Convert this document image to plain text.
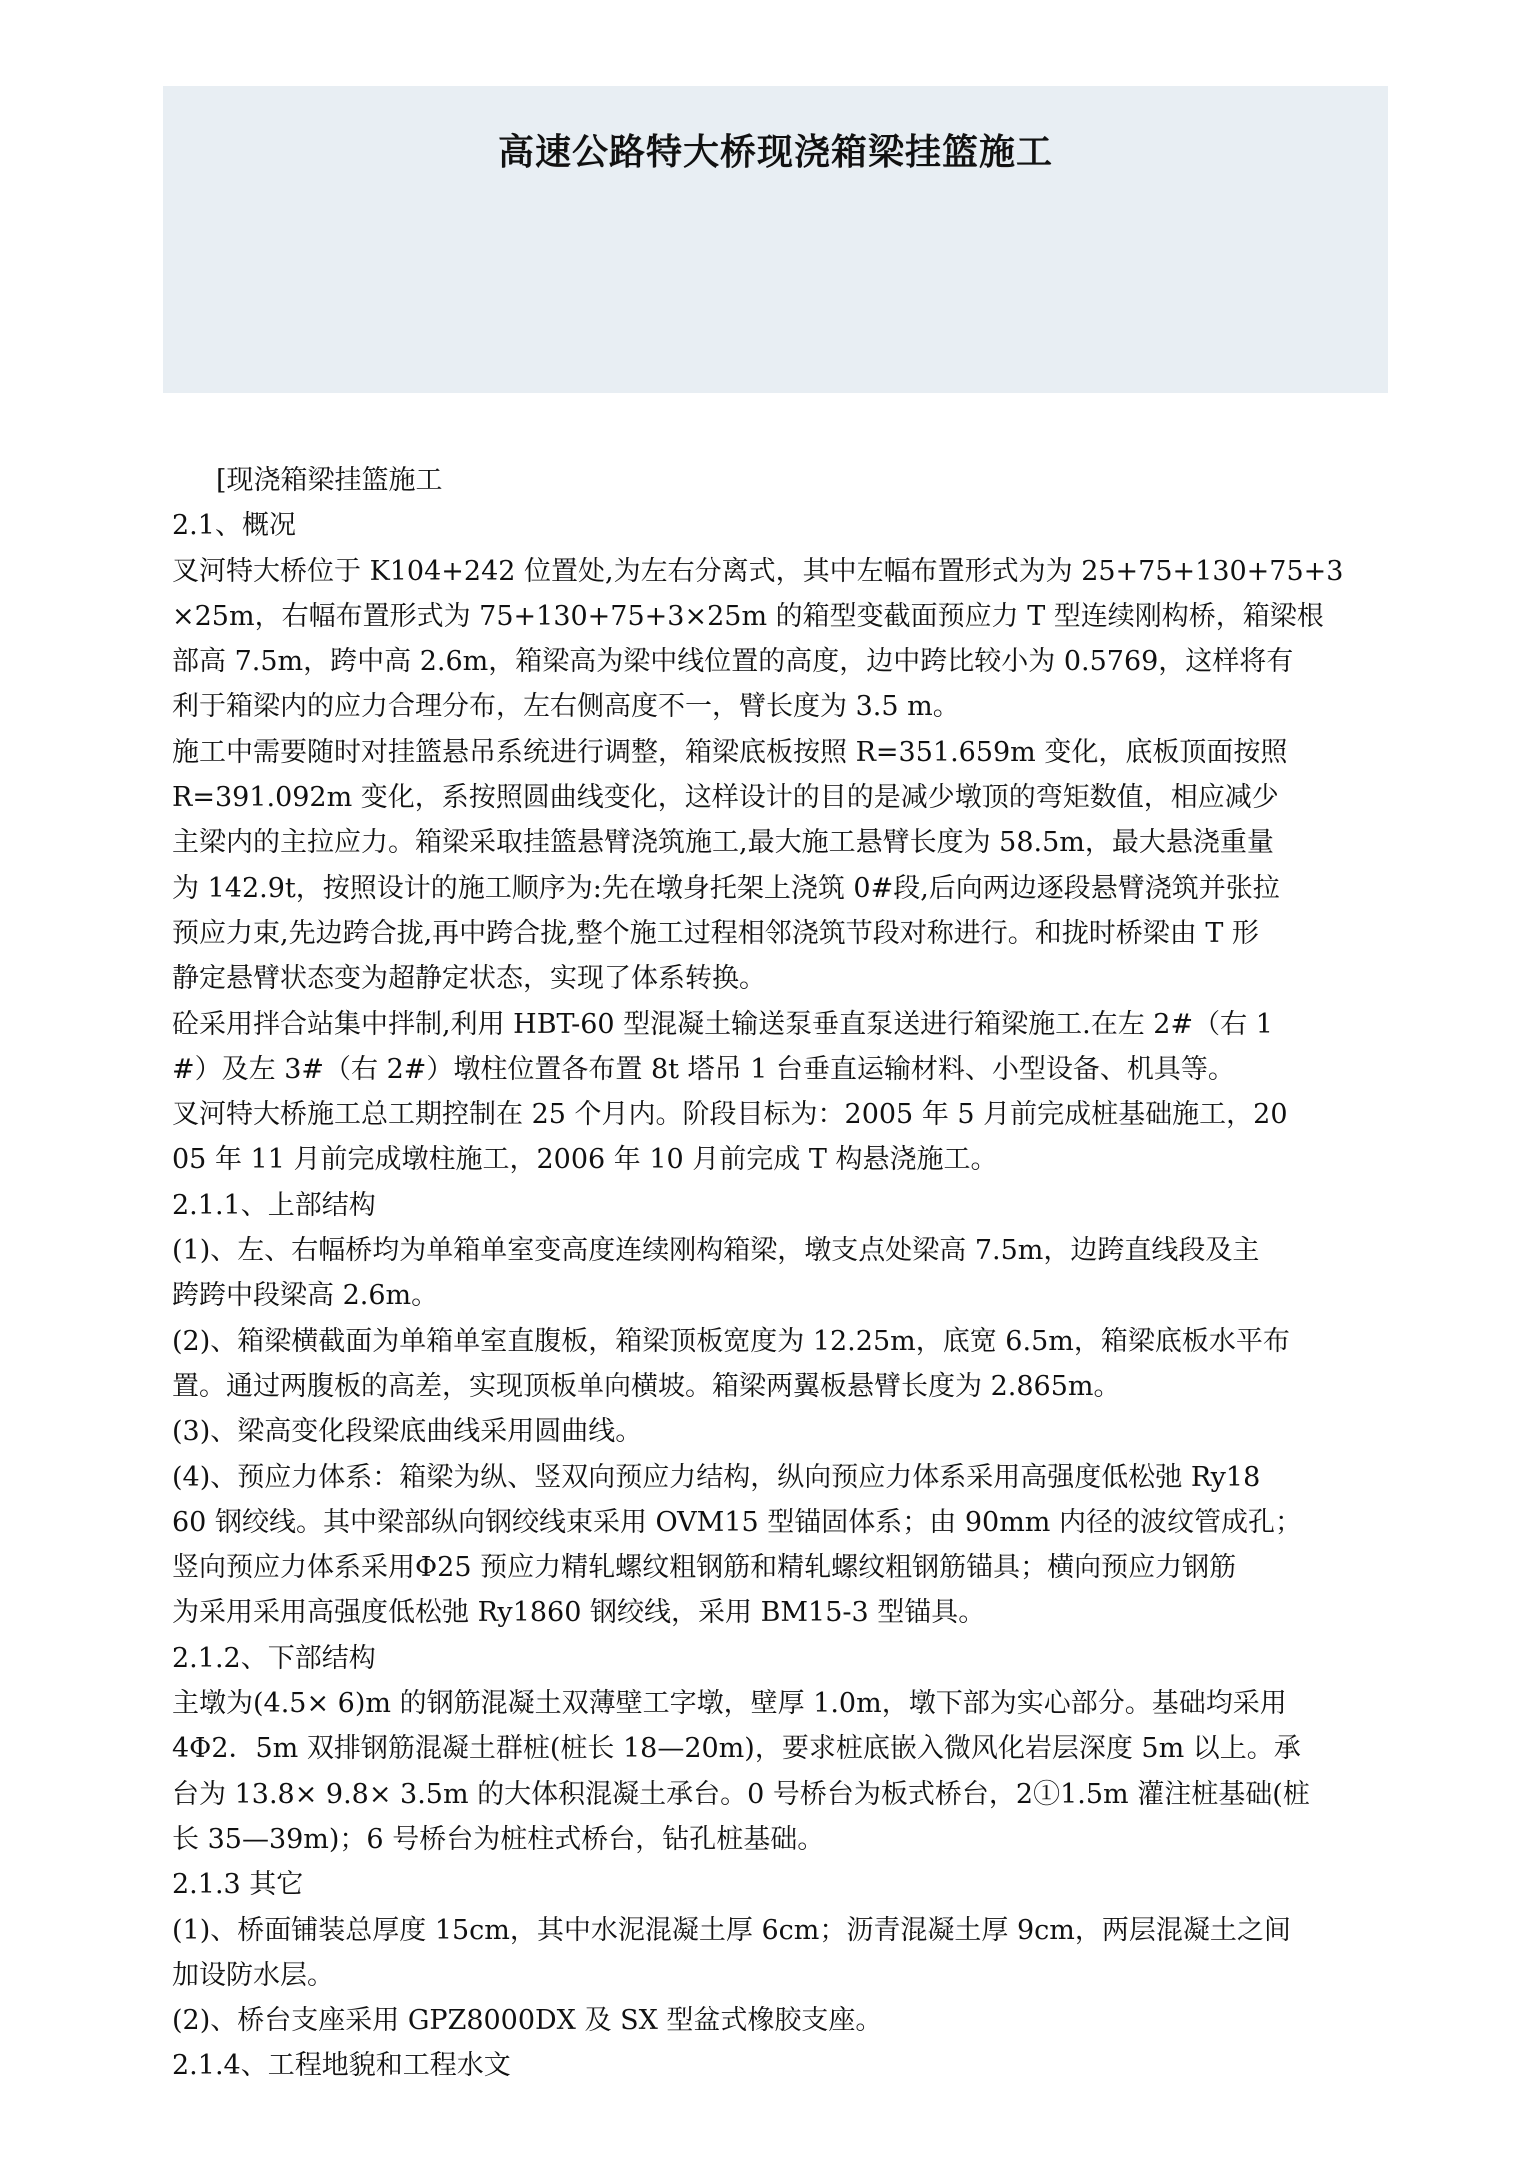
高速公路特大桥现浇箱梁挂篮施工
[现浇箱梁挂篮施工
2.1、概况
叉河特大桥位于 K104+242 位置处,为左右分离式，其中左幅布置形式为为 25+75+130+75+3
×25m，右幅布置形式为 75+130+75+3×25m 的箱型变截面预应力 T 型连续刚构桥，箱梁根
部高 7.5m，跨中高 2.6m，箱梁高为梁中线位置的高度，边中跨比较小为 0.5769，这样将有
利于箱梁内的应力合理分布，左右侧高度不一，臂长度为 3.5 m。
施工中需要随时对挂篮悬吊系统进行调整，箱梁底板按照 R=351.659m 变化，底板顶面按照
R=391.092m 变化，系按照圆曲线变化，这样设计的目的是减少墩顶的弯矩数值，相应减少
主梁内的主拉应力。箱梁采取挂篮悬臂浇筑施工,最大施工悬臂长度为 58.5m，最大悬浇重量
为 142.9t，按照设计的施工顺序为:先在墩身托架上浇筑 0#段,后向两边逐段悬臂浇筑并张拉
预应力束,先边跨合拢,再中跨合拢,整个施工过程相邻浇筑节段对称进行。和拢时桥梁由 T 形
静定悬臂状态变为超静定状态，实现了体系转换。
砼采用拌合站集中拌制,利用 HBT-60 型混凝土输送泵垂直泵送进行箱梁施工.在左 2#（右 1
#）及左 3#（右 2#）墩柱位置各布置 8t 塔吊 1 台垂直运输材料、小型设备、机具等。
叉河特大桥施工总工期控制在 25 个月内。阶段目标为：2005 年 5 月前完成桩基础施工，20
05 年 11 月前完成墩柱施工，2006 年 10 月前完成 T 构悬浇施工。
2.1.1、上部结构
(1)、左、右幅桥均为单箱单室变高度连续刚构箱梁，墩支点处梁高 7.5m，边跨直线段及主
跨跨中段梁高 2.6m。
(2)、箱梁横截面为单箱单室直腹板，箱梁顶板宽度为 12.25m，底宽 6.5m，箱梁底板水平布
置。通过两腹板的高差，实现顶板单向横坡。箱梁两翼板悬臂长度为 2.865m。
(3)、梁高变化段梁底曲线采用圆曲线。
(4)、预应力体系：箱梁为纵、竖双向预应力结构，纵向预应力体系采用高强度低松弛 Ry18
60 钢绞线。其中梁部纵向钢绞线束采用 OVM15 型锚固体系；由 90mm 内径的波纹管成孔；
竖向预应力体系采用Φ25 预应力精轧螺纹粗钢筋和精轧螺纹粗钢筋锚具；横向预应力钢筋
为采用采用高强度低松弛 Ry1860 钢绞线，采用 BM15-3 型锚具。
2.1.2、下部结构
主墩为(4.5× 6)m 的钢筋混凝土双薄壁工字墩，壁厚 1.0m，墩下部为实心部分。基础均采用
4Φ2．5m 双排钢筋混凝土群桩(桩长 18—20m)，要求桩底嵌入微风化岩层深度 5m 以上。承
台为 13.8× 9.8× 3.5m 的大体积混凝土承台。0 号桥台为板式桥台，2①1.5m 灌注桩基础(桩
长 35—39m)；6 号桥台为桩柱式桥台，钻孔桩基础。
2.1.3 其它
(1)、桥面铺装总厚度 15cm，其中水泥混凝土厚 6cm；沥青混凝土厚 9cm，两层混凝土之间
加设防水层。
(2)、桥台支座采用 GPZ8000DX 及 SX 型盆式橡胶支座。
2.1.4、工程地貌和工程水文
